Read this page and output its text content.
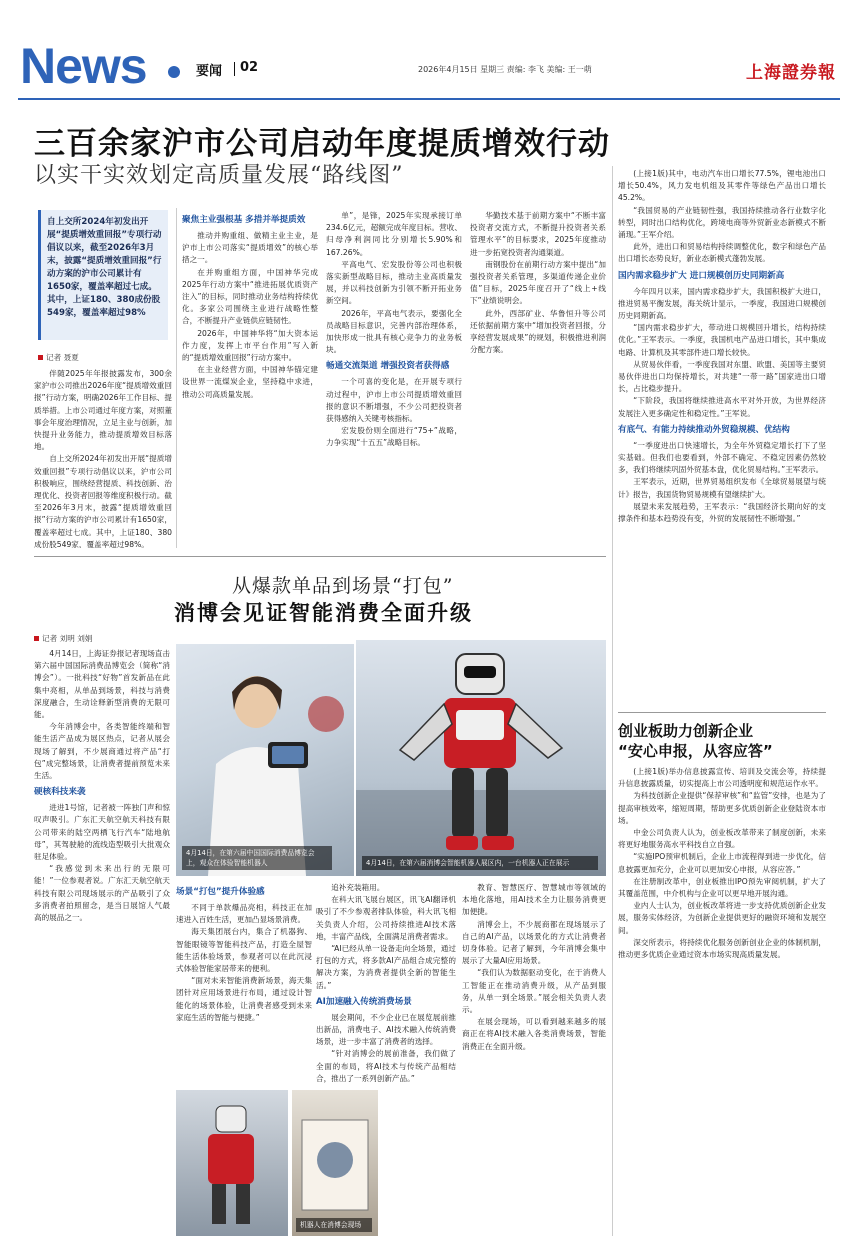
News	要闻 02	2026年4月15日 星期三 责编: 李飞 美编: 王一萌	上海證券報
三百余家沪市公司启动年度提质增效行动
以实干实效划定高质量发展“路线图”
自上交所2024年初发出开展“提质增效重回报”专项行动倡议以来，截至2026年3月末，披露“提质增效重回报”行动方案的沪市公司累计有1650家，覆盖率超过七成。其中，上证180、380成份股549家，覆盖率超过98%
记者 聂夏

伴随2025年年报披露发布，300余家沪市公司推出2026年度“提质增效重回报”行动方案，明确2026年工作目标、提质举措。上市公司通过年度方案，对照董事会年度治理情况，立足主业与创新，加快提升业务能力，推动提质增效目标落地。

自上交所2024年初发出开展“提质增效重回报”专项行动倡议以来，沪市公司积极响应，围绕经营提质、科技创新、治理优化、投资者回报等维度积极行动。截至2026年3月末，披露“提质增效重回报”行动方案的沪市公司累计有1650家，覆盖率超过七成。其中，上证180、380成份股549家，覆盖率超过98%。

聚焦主业强根基 多措并举提质效

推动并购重组、做精主业主业，是沪市上市公司落实“提质增效”的核心举措之一。

在并购重组方面，中国神华完成2025年行动方案中“推进拓展优质资产注入”的目标，同时推动业务结构持续优化。多家公司围绕主业进行战略性整合，不断提升产业链供应链韧性。

2026年，中国神华将“加大资本运作力度，发挥上市平台作用”写入新的“提质增效重回报”行动方案中。

在主业经营方面，中国神华锚定建设世界一流煤炭企业，坚持稳中求进，推动公司高质量发展。

单”，是锋，2025年实现承接订单234.6亿元，超额完成年度目标。营收、归母净利润同比分别增长5.90%和167.26%。

平高电气、宏发股份等公司也积极落实新型战略目标，推动主业高质量发展，并以科技创新为引领不断开拓业务新空间。

2026年，平高电气表示，要强化全员战略目标意识，完善内部治理体系，加快形成一批具有核心竞争力的业务板块。

畅通交流渠道 增强投资者获得感

一个可喜的变化是，在开展专项行动过程中，沪市上市公司提质增效重回报的意识不断增强，不少公司把投资者获得感纳入关键考核指标。

宏发股份则全面进行“75+”战略，力争实现“十五五”战略目标。

华勤技术基于前期方案中“不断丰富投资者交流方式，不断提升投资者关系管理水平”的目标要求，2025年度推动进一步拓宽投资者沟通渠道。

南钢股份在前期行动方案中提出“加强投资者关系管理，多渠道传递企业价值”目标，2025年度召开了“线上+线下”业绩说明会。

此外，西部矿业、华鲁恒升等公司还依据前期方案中“增加投资者回报，分享经营发展成果”的规划，积极推进利润分配方案。

(上接1版)其中，电动汽车出口增长77.5%，锂电池出口增长50.4%，风力发电机组及其零件等绿色产品出口增长45.2%。

“我国贸易的产业链韧性强，我国持续推动各行业数字化转型，同时出口结构优化，跨境电商等外贸新业态新模式不断涌现。”王军介绍。

此外，进出口和贸易结构持续调整优化，数字和绿色产品出口增长态势良好，新业态新模式蓬勃发展。

国内需求稳步扩大 进口规模创历史同期新高

今年四月以来，国内需求稳步扩大，我国积极扩大进口，推进贸易平衡发展，海关统计显示，一季度，我国进口规模创历史同期新高。

“国内需求稳步扩大，带动进口规模回升增长，结构持续优化。”王军表示。一季度，我国机电产品进口增长，其中集成电路、计算机及其零部件进口增长较快。

从贸易伙伴看，一季度我国对东盟、欧盟、美国等主要贸易伙伴进出口均保持增长，对共建“一带一路”国家进出口增长，占比稳步提升。

“下阶段，我国将继续推进高水平对外开放，为世界经济发展注入更多确定性和稳定性。”王军说。

有底气、有能力持续推动外贸稳规模、优结构

“一季度进出口快速增长，为全年外贸稳定增长打下了坚实基础。但我们也要看到，外部不确定、不稳定因素仍然较多，我们将继续巩固外贸基本盘，优化贸易结构。”王军表示。

王军表示，近期，世界贸易组织发布《全球贸易展望与统计》报告，我国货物贸易规模有望继续扩大。

展望未来发展趋势，王军表示：“我国经济长期向好的支撑条件和基本趋势没有变，外贸的发展韧性不断增强。”

从爆款单品到场景“打包”
消博会见证智能消费全面升级
记者 刘明 刘娟

4月14日，上海证券报记者现场直击第六届中国国际消费品博览会（简称“消博会”）。一批科技“好物”首发新品在此集中亮相，从单品到场景，科技与消费深度融合，生动诠释新型消费的无限可能。

今年消博会中，各类智能终端和智能生活产品成为展区热点，记者从展会现场了解到，不少展商通过将产品“打包”成完整场景，让消费者提前预览未来生活。

硬核科技来袭

进进1号馆，记者被一阵独门声和惊叹声吸引。广东汇天航空航天科技有限公司带来的陆空两栖飞行汽车“陆地航母”，其驾驶舱的流线造型吸引大批观众驻足体验。

“我感觉到未来出行的无限可能！”一位参观者说。广东汇天航空航天科技有限公司现场展示的产品吸引了众多消费者拍照留念，是当日展馆人气最高的展品之一。

4月14日，在第六届中国国际消费品博览会上，观众在体验智能机器人	4月14日，在第六届消博会智能机器人展区内，一台机器人正在展示
机器人在消博会现场
场景“打包”提升体验感

不同于单款爆品亮相，科技正在加速进入百姓生活，更加凸显场景消费。

海天集团展台内，集合了机器狗、智能眼镜等智能科技产品，打造全屋智能生活体验场景，参观者可以在此沉浸式体验智能家居带来的便利。

“面对未来智能消费新场景，海天集团针对应用场景进行布局，通过设计智能化的场景体验，让消费者感受到未来家庭生活的智能与便捷。”

追补充装箱用。

在科大讯飞展台展区，讯飞AI翻译机吸引了不少参观者排队体验，科大讯飞相关负责人介绍，公司持续推进AI技术落地，丰富产品线，全面满足消费者需求。

“AI已经从单一设备走向全场景，通过打包的方式，将多款AI产品组合成完整的解决方案，为消费者提供全新的智能生活。”

AI加速融入传统消费场景

展会期间，不少企业已在展览展前推出新品，消费电子、AI技术融入传统消费场景，进一步丰富了消费者的选择。

“针对消博会的展前准备，我们做了全面的布局，将AI技术与传统产品相结合，推出了一系列创新产品。”

教育、智慧医疗、智慧城市等领域的本地化落地，用AI技术全力让服务消费更加便捷。

消博会上，不少展商都在现场展示了自己的AI产品，以场景化的方式让消费者切身体验。记者了解到，今年消博会集中展示了大量AI应用场景。

“我们认为数据驱动变化，在于消费人工智能正在推动消费升级，从产品到服务，从单一到全场景。”展会相关负责人表示。

在展会现场，可以看到越来越多的展商正在将AI技术融入各类消费场景，智能消费正在全面升级。

创业板助力创新企业
“安心申报，从容应答”

(上接1版)举办信息披露宣传、培训及交流会等，持续提升信息披露质量，切实提高上市公司透明度和规范运作水平。

为科技创新企业提供“保荐审核”和“监管”安排，也是为了提高审核效率，缩短周期，帮助更多优质创新企业登陆资本市场。

中金公司负责人认为，创业板改革带来了制度创新，未来将更好地服务高水平科技自立自强。

“实施IPO预审机制后，企业上市流程得到进一步优化，信息披露更加充分，企业可以更加安心申报，从容应答。”

在注册制改革中，创业板推出IPO预先审阅机制，扩大了其覆盖范围，中介机构与企业可以更早地开展沟通。

业内人士认为，创业板改革将进一步支持优质创新企业发展，服务实体经济，为创新企业提供更好的融资环境和发展空间。

深交所表示，将持续优化服务创新创业企业的体制机制，推动更多优质企业通过资本市场实现高质量发展。
